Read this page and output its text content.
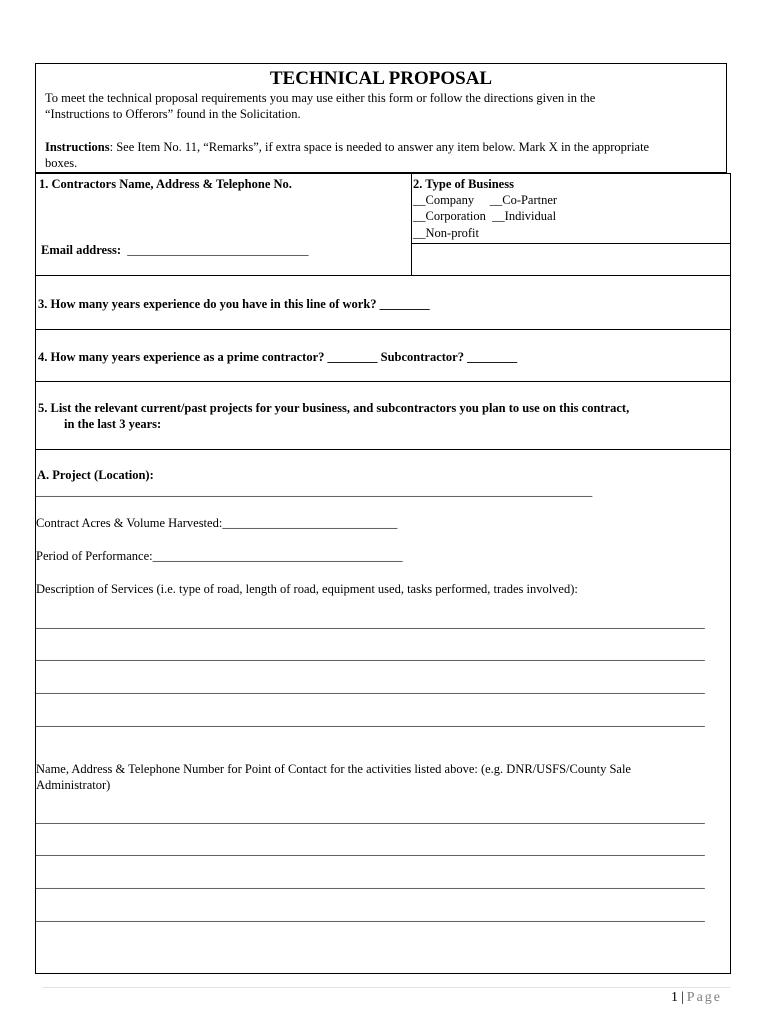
TECHNICAL PROPOSAL
To meet the technical proposal requirements you may use either this form or follow the directions given in the
“Instructions to Offerors” found in the Solicitation.
Instructions: See Item No. 11, “Remarks”, if extra space is needed to answer any item below. Mark X in the appropriate
boxes.
1. Contractors Name, Address & Telephone No.
Email address: _____________________________
2. Type of Business
__Company     __Co-Partner
__Corporation  __Individual
__Non-profit
3. How many years experience do you have in this line of work? ________
4. How many years experience as a prime contractor? ________ Subcontractor? ________
5. List the relevant current/past projects for your business, and subcontractors you plan to use on this contract,
in the last 3 years:
A. Project (Location):
_________________________________________________________________________________________
Contract Acres & Volume Harvested:____________________________
Period of Performance:________________________________________
Description of Services (i.e. type of road, length of road, equipment used, tasks performed, trades involved):
___________________________________________________________________________________________________________
___________________________________________________________________________________________________________
___________________________________________________________________________________________________________
___________________________________________________________________________________________________________
Name, Address & Telephone Number for Point of Contact for the activities listed above: (e.g. DNR/USFS/County Sale
Administrator)
___________________________________________________________________________________________________________
___________________________________________________________________________________________________________
___________________________________________________________________________________________________________
___________________________________________________________________________________________________________
1 | Page
